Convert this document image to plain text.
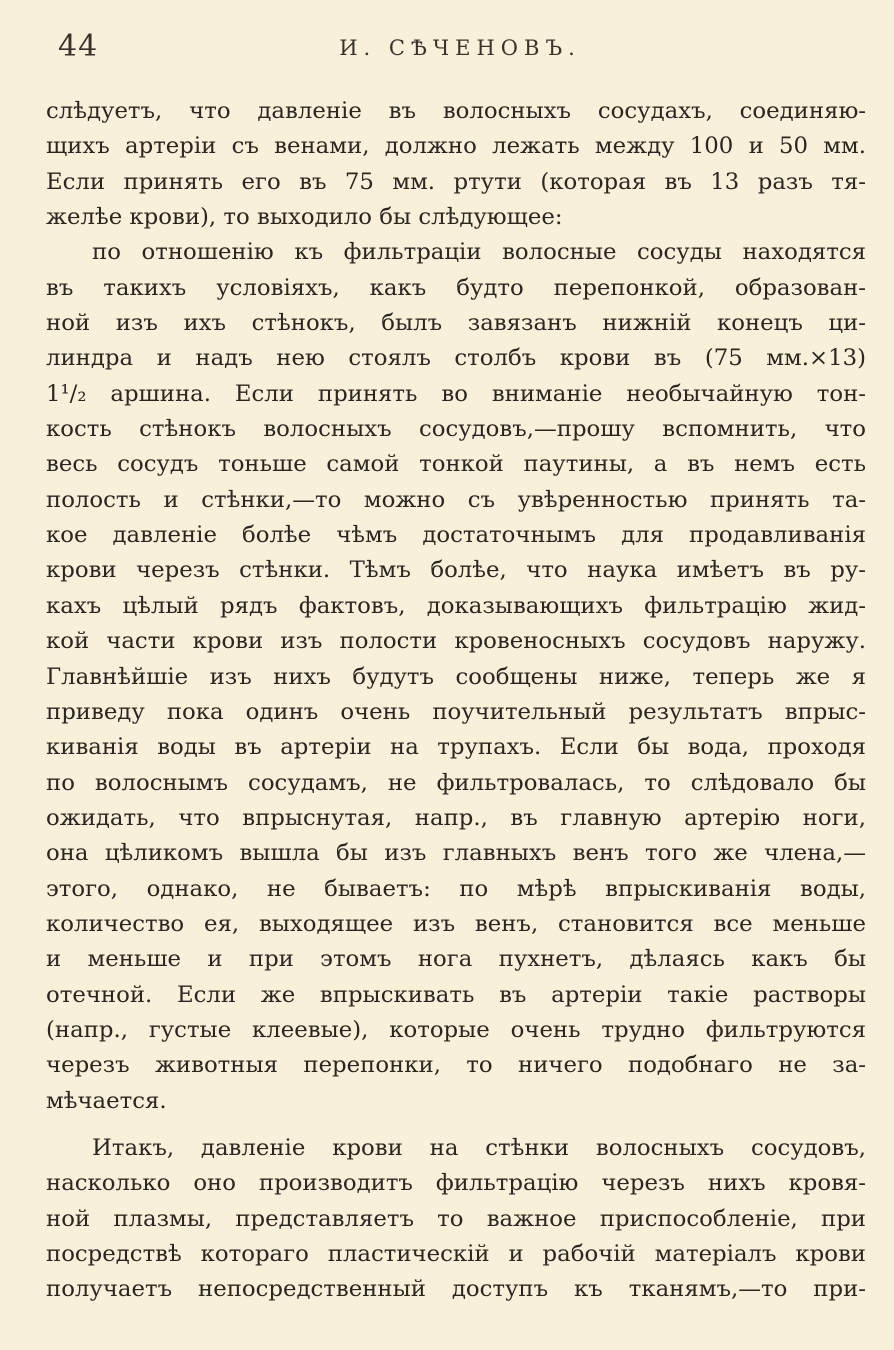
44	И. СѢЧЕНОВЪ.
слѣдуетъ, что давленіе въ волосныхъ сосудахъ, соединяю-
щихъ артеріи съ венами, должно лежать между 100 и 50 мм.
Если принять его въ 75 мм. ртути (которая въ 13 разъ тя-
желѣе крови), то выходило бы слѣдующее:
по отношенію къ фильтраціи волосные сосуды находятся
въ такихъ условіяхъ, какъ будто перепонкой, образован-
ной изъ ихъ стѣнокъ, былъ завязанъ нижній конецъ ци-
линдра и надъ нею стоялъ столбъ крови въ (75 мм.×13)
1¹/₂ аршина. Если принять во вниманіе необычайную тон-
кость стѣнокъ волосныхъ сосудовъ,—прошу вспомнить, что
весь сосудъ тоньше самой тонкой паутины, а въ немъ есть
полость и стѣнки,—то можно съ увѣренностью принять та-
кое давленіе болѣе чѣмъ достаточнымъ для продавливанія
крови черезъ стѣнки. Тѣмъ болѣе, что наука имѣетъ въ ру-
кахъ цѣлый рядъ фактовъ, доказывающихъ фильтрацію жид-
кой части крови изъ полости кровеносныхъ сосудовъ наружу.
Главнѣйшіе изъ нихъ будутъ сообщены ниже, теперь же я
приведу пока одинъ очень поучительный результатъ впрыс-
киванія воды въ артеріи на трупахъ. Если бы вода, проходя
по волоснымъ сосудамъ, не фильтровалась, то слѣдовало бы
ожидать, что впрыснутая, напр., въ главную артерію ноги,
она цѣликомъ вышла бы изъ главныхъ венъ того же члена,—
этого, однако, не бываетъ: по мѣрѣ впрыскиванія воды,
количество ея, выходящее изъ венъ, становится все меньше
и меньше и при этомъ нога пухнетъ, дѣлаясь какъ бы
отечной. Если же впрыскивать въ артеріи такіе растворы
(напр., густые клеевые), которые очень трудно фильтруются
черезъ животныя перепонки, то ничего подобнаго не за-
мѣчается.
Итакъ, давленіе крови на стѣнки волосныхъ сосудовъ,
насколько оно производитъ фильтрацію черезъ нихъ кровя-
ной плазмы, представляетъ то важное приспособленіе, при
посредствѣ котораго пластическій и рабочій матеріалъ крови
получаетъ непосредственный доступъ къ тканямъ,—то при-
